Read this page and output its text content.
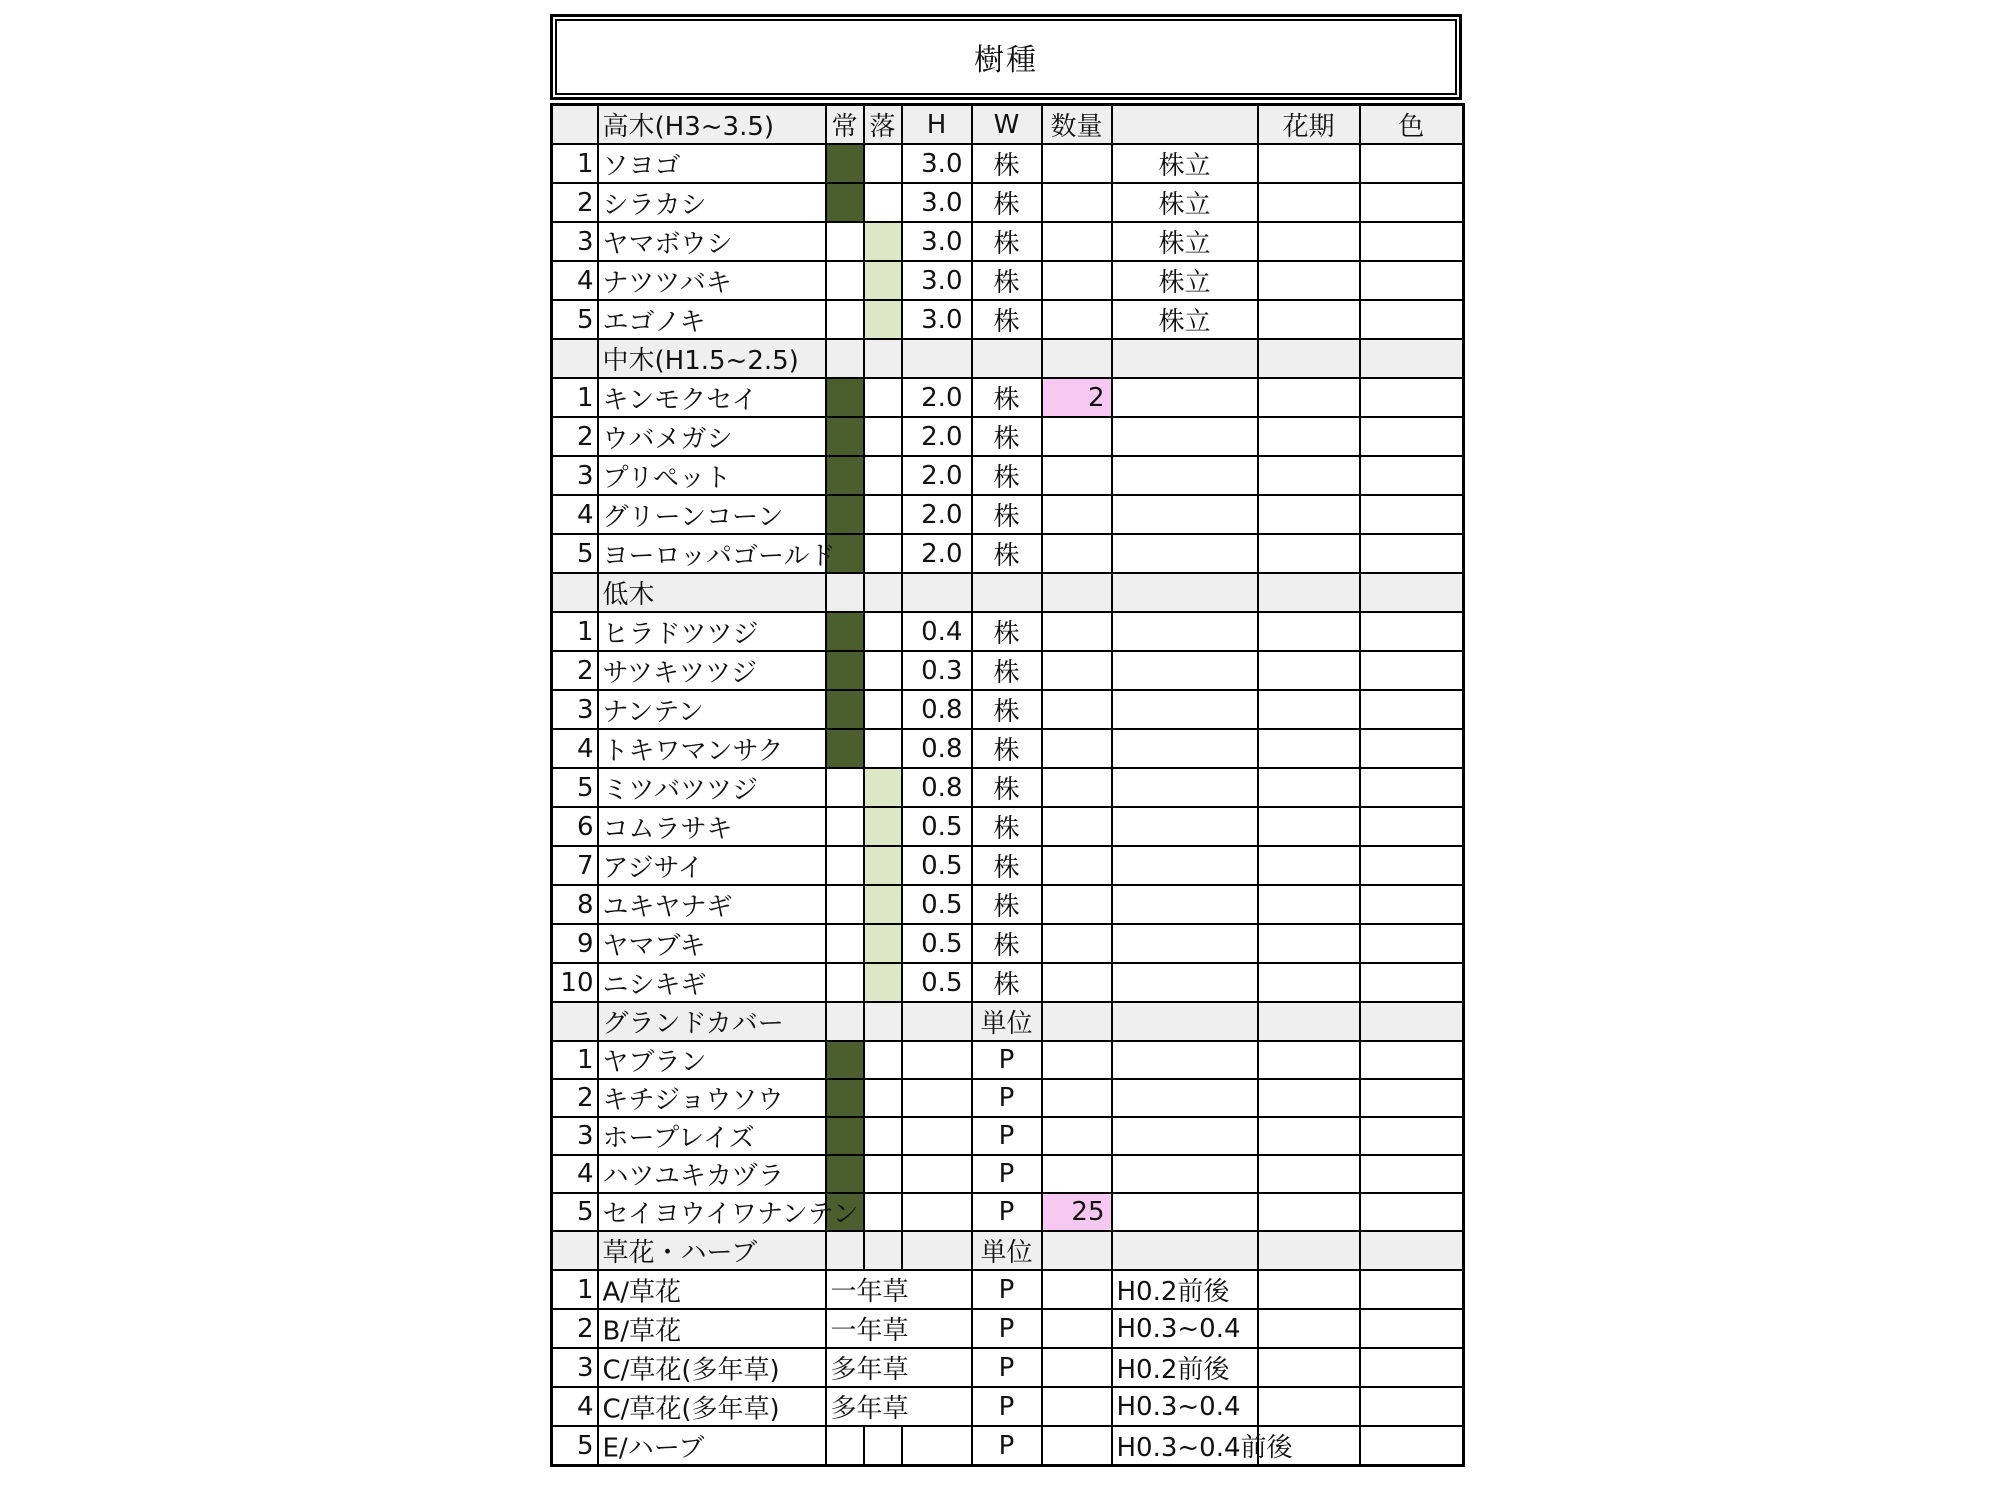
樹種
	高木(H3~3.5)	常	落	H	W	数量		花期	色
1	ソヨゴ			3.0	株		株立		
2	シラカシ			3.0	株		株立		
3	ヤマボウシ			3.0	株		株立		
4	ナツツバキ			3.0	株		株立		
5	エゴノキ			3.0	株		株立		
	中木(H1.5~2.5)								
1	キンモクセイ			2.0	株	2			
2	ウバメガシ			2.0	株				
3	プリペット			2.0	株				
4	グリーンコーン			2.0	株				
5	ヨーロッパゴールド			2.0	株				
	低木								
1	ヒラドツツジ			0.4	株				
2	サツキツツジ			0.3	株				
3	ナンテン			0.8	株				
4	トキワマンサク			0.8	株				
5	ミツバツツジ			0.8	株				
6	コムラサキ			0.5	株				
7	アジサイ			0.5	株				
8	ユキヤナギ			0.5	株				
9	ヤマブキ			0.5	株				
10	ニシキギ			0.5	株				
	グランドカバー				単位				
1	ヤブラン				P				
2	キチジョウソウ				P				
3	ホープレイズ				P				
4	ハツユキカヅラ				P				
5	セイヨウイワナンテン				P	25			
	草花・ハーブ				単位				
1	A/草花	一年草			P		H0.2前後		
2	B/草花	一年草			P		H0.3~0.4		
3	C/草花(多年草)	多年草			P		H0.2前後		
4	C/草花(多年草)	多年草			P		H0.3~0.4		
5	E/ハーブ				P		H0.3~0.4前後		
